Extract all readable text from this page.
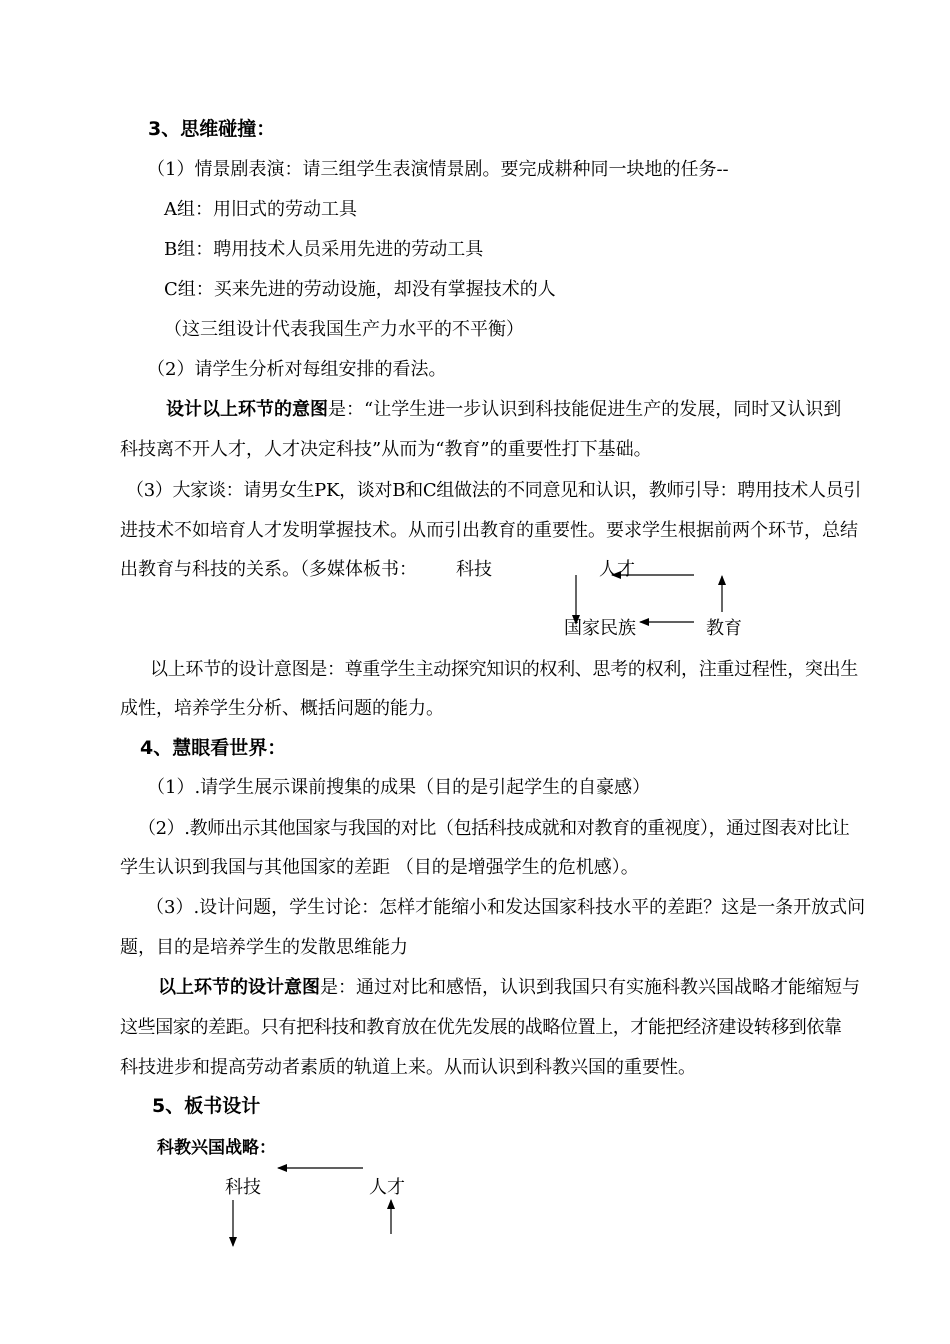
3、思维碰撞：
（1）情景剧表演：请三组学生表演情景剧。要完成耕种同一块地的任务--
A组：用旧式的劳动工具
B组：聘用技术人员采用先进的劳动工具
C组：买来先进的劳动设施，却没有掌握技术的人
（这三组设计代表我国生产力水平的不平衡）
（2）请学生分析对每组安排的看法。
设计以上环节的意图是：“让学生进一步认识到科技能促进生产的发展，同时又认识到
科技离不开人才，人才决定科技”从而为“教育”的重要性打下基础。
（3）大家谈：请男女生PK，谈对B和C组做法的不同意见和认识，教师引导：聘用技术人员引
进技术不如培育人才发明掌握技术。从而引出教育的重要性。要求学生根据前两个环节，总结
出教育与科技的关系。（多媒体板书： 科技	人才
国家民族	教育
以上环节的设计意图是：尊重学生主动探究知识的权利、思考的权利，注重过程性，突出生
成性，培养学生分析、概括问题的能力。
4、慧眼看世界：
（1）.请学生展示课前搜集的成果（目的是引起学生的自豪感）
（2）.教师出示其他国家与我国的对比（包括科技成就和对教育的重视度），通过图表对比让
学生认识到我国与其他国家的差距 （目的是增强学生的危机感）。
（3）.设计问题，学生讨论：怎样才能缩小和发达国家科技水平的差距？这是一条开放式问
题，目的是培养学生的发散思维能力
以上环节的设计意图是：通过对比和感悟，认识到我国只有实施科教兴国战略才能缩短与
这些国家的差距。只有把科技和教育放在优先发展的战略位置上，才能把经济建设转移到依靠
科技进步和提高劳动者素质的轨道上来。从而认识到科教兴国的重要性。
5、板书设计
科教兴国战略：
科技	人才
